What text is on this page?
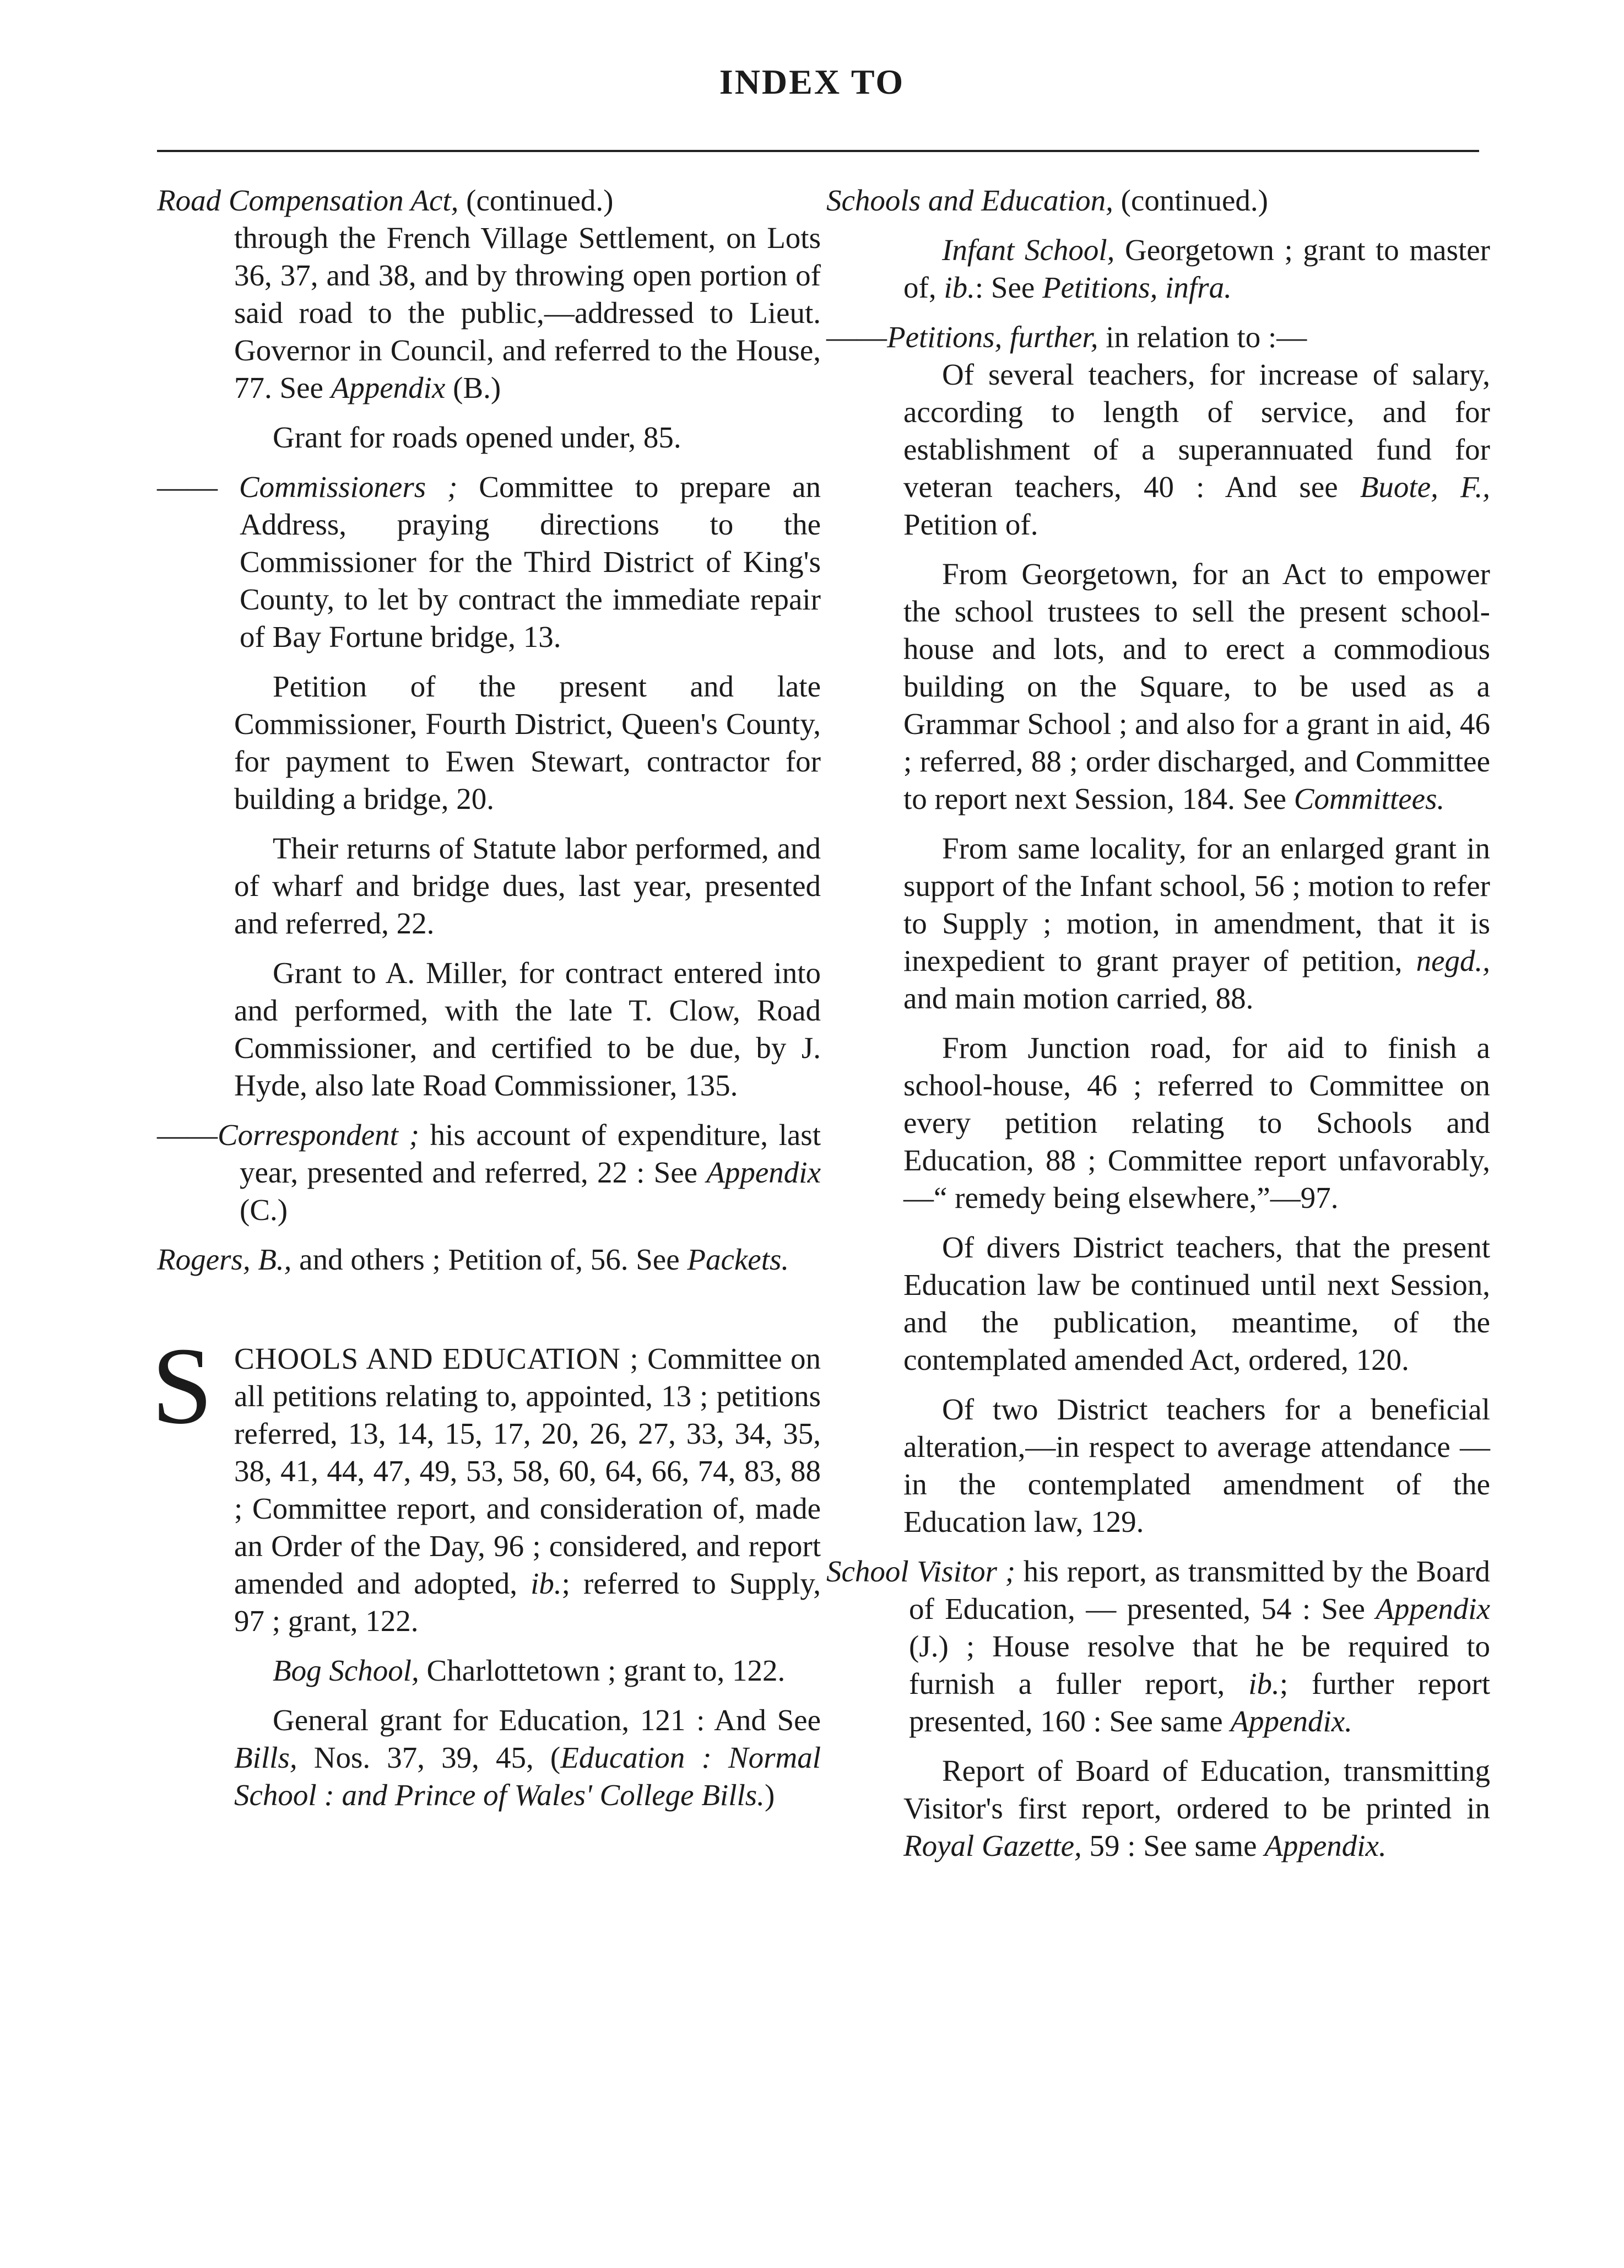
INDEX TO
Road Compensation Act, (continued.)
through the French Village Settlement, on Lots 36, 37, and 38, and by throwing open portion of said road to the public,—addressed to Lieut. Governor in Council, and referred to the House, 77. See Appendix (B.)
Grant for roads opened under, 85.
—— Commissioners ; Committee to prepare an Address, praying directions to the Commissioner for the Third District of King's County, to let by contract the immediate repair of Bay Fortune bridge, 13.
Petition of the present and late Commissioner, Fourth District, Queen's County, for payment to Ewen Stewart, contractor for building a bridge, 20.
Their returns of Statute labor performed, and of wharf and bridge dues, last year, presented and referred, 22.
Grant to A. Miller, for contract entered into and performed, with the late T. Clow, Road Commissioner, and certified to be due, by J. Hyde, also late Road Commissioner, 135.
——Correspondent ; his account of expenditure, last year, presented and referred, 22 : See Appendix (C.)
Rogers, B., and others ; Petition of, 56. See Packets.
S CHOOLS AND EDUCATION ; Committee on all petitions relating to, appointed, 13 ; petitions referred, 13, 14, 15, 17, 20, 26, 27, 33, 34, 35, 38, 41, 44, 47, 49, 53, 58, 60, 64, 66, 74, 83, 88 ; Committee report, and consideration of, made an Order of the Day, 96 ; considered, and report amended and adopted, ib.; referred to Supply, 97 ; grant, 122.
Bog School, Charlottetown ; grant to, 122.
General grant for Education, 121 : And See Bills, Nos. 37, 39, 45, (Education : Normal School : and Prince of Wales' College Bills.)
Schools and Education, (continued.)
Infant School, Georgetown ; grant to master of, ib.: See Petitions, infra.
——Petitions, further, in relation to :—
Of several teachers, for increase of salary, according to length of service, and for establishment of a superannuated fund for veteran teachers, 40 : And see Buote, F., Petition of.
From Georgetown, for an Act to empower the school trustees to sell the present school-house and lots, and to erect a commodious building on the Square, to be used as a Grammar School ; and also for a grant in aid, 46 ; referred, 88 ; order discharged, and Committee to report next Session, 184. See Committees.
From same locality, for an enlarged grant in support of the Infant school, 56 ; motion to refer to Supply ; motion, in amendment, that it is inexpedient to grant prayer of petition, negd., and main motion carried, 88.
From Junction road, for aid to finish a school-house, 46 ; referred to Committee on every petition relating to Schools and Education, 88 ; Committee report unfavorably,—“ remedy being elsewhere,”—97.
Of divers District teachers, that the present Education law be continued until next Session, and the publication, meantime, of the contemplated amended Act, ordered, 120.
Of two District teachers for a beneficial alteration,—in respect to average attendance — in the contemplated amendment of the Education law, 129.
School Visitor ; his report, as transmitted by the Board of Education, — presented, 54 : See Appendix (J.) ; House resolve that he be required to furnish a fuller report, ib.; further report presented, 160 : See same Appendix.
Report of Board of Education, transmitting Visitor's first report, ordered to be printed in Royal Gazette, 59 : See same Appendix.
